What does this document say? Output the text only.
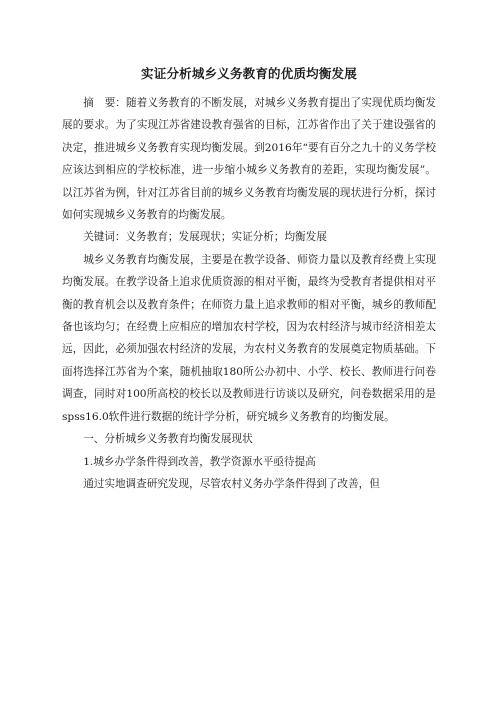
实证分析城乡义务教育的优质均衡发展

摘　要：随着义务教育的不断发展，对城乡义务教育提出了实现优质均衡发展的要求。为了实现江苏省建设教育强省的目标，江苏省作出了关于建设强省的决定，推进城乡义务教育实现均衡发展。到2016年“要有百分之九十的义务学校应该达到相应的学校标准，进一步缩小城乡义务教育的差距，实现均衡发展”。以江苏省为例，针对江苏省目前的城乡义务教育均衡发展的现状进行分析，探讨如何实现城乡义务教育的均衡发展。

关键词：义务教育；发展现状；实证分析；均衡发展

城乡义务教育均衡发展，主要是在教学设备、师资力量以及教育经费上实现均衡发展。在教学设备上追求优质资源的相对平衡，最终为受教育者提供相对平衡的教育机会以及教育条件；在师资力量上追求教师的相对平衡，城乡的教师配备也该均匀；在经费上应相应的增加农村学校，因为农村经济与城市经济相差太远，因此，必须加强农村经济的发展，为农村义务教育的发展奠定物质基础。下面将选择江苏省为个案，随机抽取180所公办初中、小学、校长、教师进行问卷调查，同时对100所高校的校长以及教师进行访谈以及研究，问卷数据采用的是spss16.0软件进行数据的统计学分析，研究城乡义务教育的均衡发展。

一、分析城乡义务教育均衡发展现状

1.城乡办学条件得到改善，教学资源水平亟待提高

通过实地调查研究发现，尽管农村义务办学条件得到了改善，但
